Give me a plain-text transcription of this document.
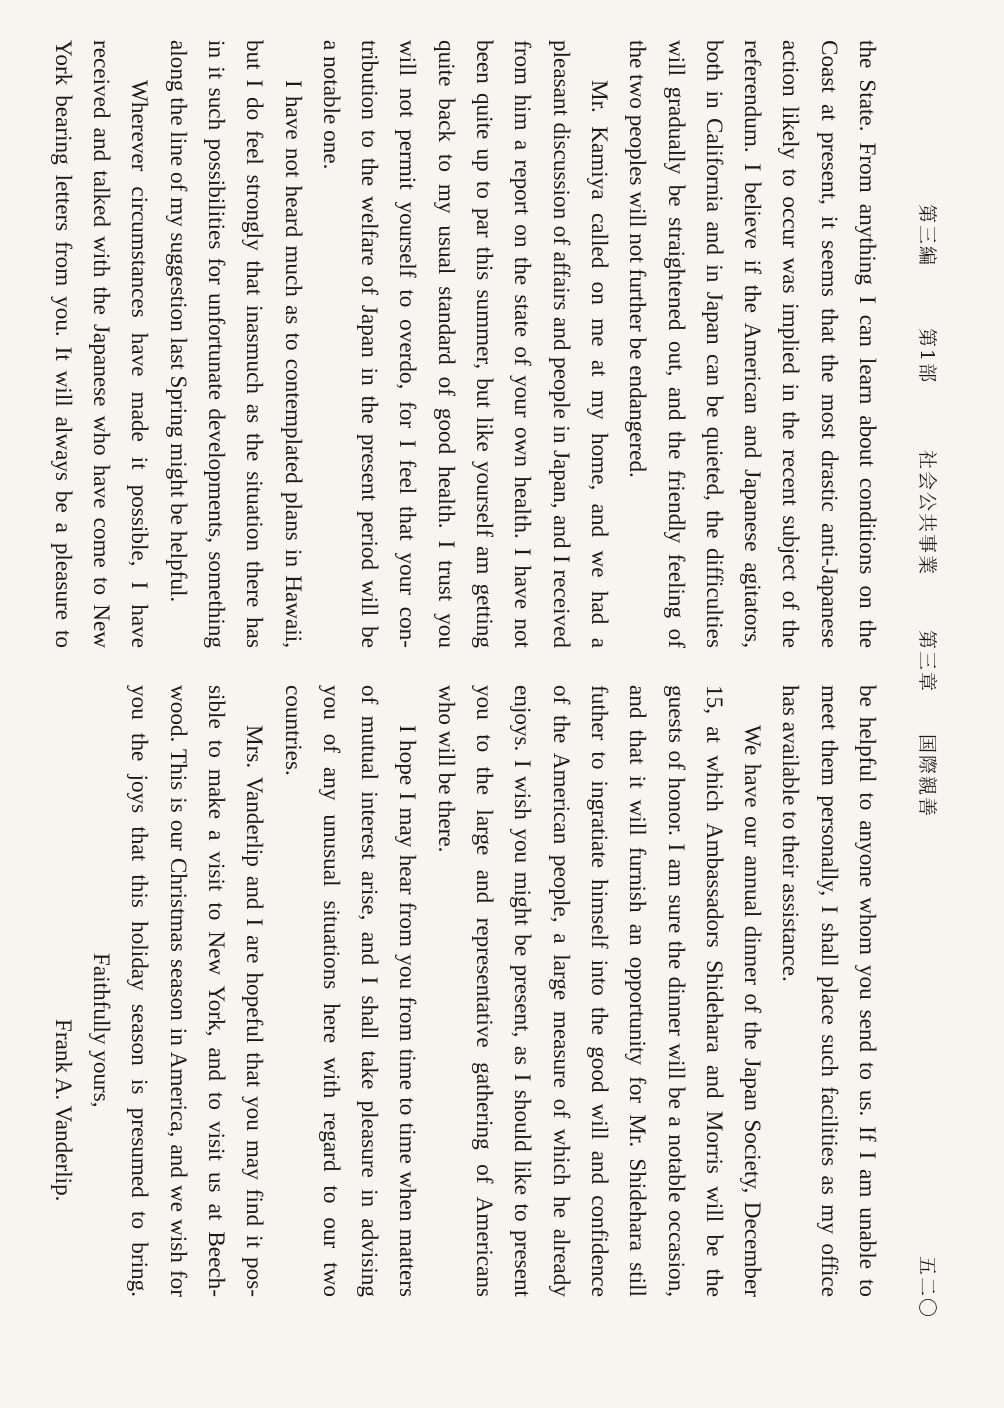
第三編
第1部
社会公共事業
第三章
国際親善
五二〇
the State. From anything I can learn about conditions on the
Coast at present, it seems that the most drastic anti-Japanese
action likely to occur was implied in the recent subject of the
referendum. I believe if the American and Japanese agitators,
both in California and in Japan can be quieted, the difficulties
will gradually be straightened out, and the friendly feeling of
the two peoples will not further be endangered.
Mr. Kamiya called on me at my home, and we had a
pleasant discussion of affairs and people in Japan, and I received
from him a report on the state of your own health. I have not
been quite up to par this summer, but like yourself am getting
quite back to my usual standard of good health. I trust you
will not permit yourself to overdo, for I feel that your con-
tribution to the welfare of Japan in the present period will be
a notable one.
I have not heard much as to contemplated plans in Hawaii,
but I do feel strongly that inasmuch as the situation there has
in it such possibilities for unfortunate developments, something
along the line of my suggestion last Spring might be helpful.
Wherever circumstances have made it possible, I have
received and talked with the Japanese who have come to New
York bearing letters from you. It will always be a pleasure to
be helpful to anyone whom you send to us. If I am unable to
meet them personally, I shall place such facilities as my office
has available to their assistance.
We have our annual dinner of the Japan Society, December
15, at which Ambassadors Shidehara and Morris will be the
guests of honor. I am sure the dinner will be a notable occasion,
and that it will furnish an opportunity for Mr. Shidehara still
futher to ingratiate himself into the good will and confidence
of the American people, a large measure of which he already
enjoys. I wish you might be present, as I should like to present
you to the large and representative gathering of Americans
who will be there.
I hope I may hear from you from time to time when matters
of mutual interest arise, and I shall take pleasure in advising
you of any unusual situations here with regard to our two
countries.
Mrs. Vanderlip and I are hopeful that you may find it pos-
sible to make a visit to New York, and to visit us at Beech-
wood. This is our Christmas season in America, and we wish for
you the joys that this holiday season is presumed to bring.
Faithfully yours,
Frank A. Vanderlip.
